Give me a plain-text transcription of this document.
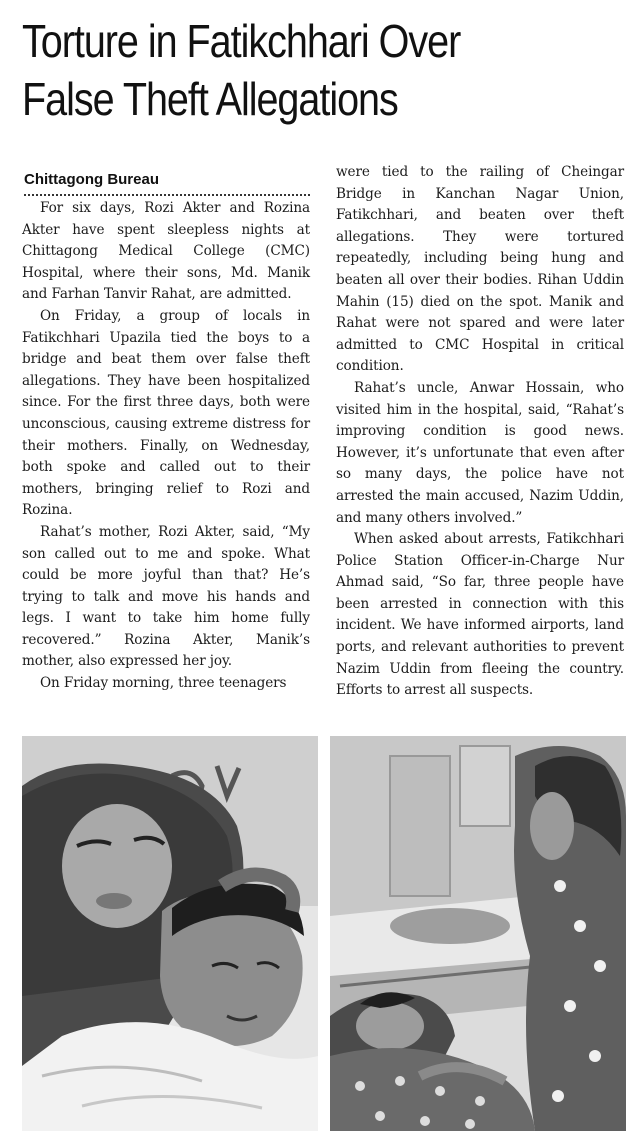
Torture in Fatikchhari Over
False Theft Allegations
Chittagong Bureau

For six days, Rozi Akter and Rozina Akter have spent sleepless nights at Chittagong Medical College (CMC) Hospital, where their sons, Md. Manik and Farhan Tanvir Rahat, are admitted.

On Friday, a group of locals in Fatikchhari Upazila tied the boys to a bridge and beat them over false theft allegations. They have been hospitalized since. For the first three days, both were unconscious, causing extreme distress for their mothers. Finally, on Wednesday, both spoke and called out to their mothers, bringing relief to Rozi and Rozina.

Rahat’s mother, Rozi Akter, said, “My son called out to me and spoke. What could be more joyful than that? He’s trying to talk and move his hands and legs. I want to take him home fully recovered.” Rozina Akter, Manik’s mother, also expressed her joy.

On Friday morning, three teenagers

were tied to the railing of Cheingar Bridge in Kanchan Nagar Union, Fatikchhari, and beaten over theft allegations. They were tortured repeatedly, including being hung and beaten all over their bodies. Rihan Uddin Mahin (15) died on the spot. Manik and Rahat were not spared and were later admitted to CMC Hospital in critical condition.

Rahat’s uncle, Anwar Hossain, who visited him in the hospital, said, “Rahat’s improving condition is good news. However, it’s unfortunate that even after so many days, the police have not arrested the main accused, Nazim Uddin, and many others involved.”

When asked about arrests, Fatikchhari Police Station Officer-in-Charge Nur Ahmad said, “So far, three people have been arrested in connection with this incident. We have informed airports, land ports, and relevant authorities to prevent Nazim Uddin from fleeing the country. Efforts to arrest all suspects.
